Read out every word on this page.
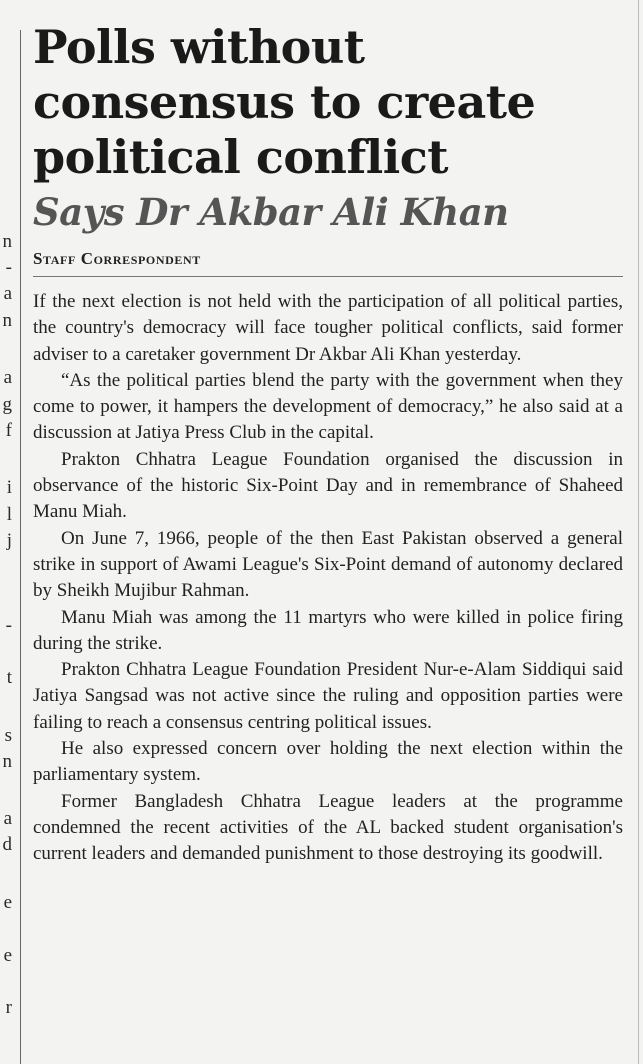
n
-
a
n
a
g
f
i
l
j
-
t
s
n
a
d
e
e
r
Polls without
consensus to create
political conflict
Says Dr Akbar Ali Khan
Staff Correspondent

If the next election is not held with the participation of all political parties, the country's democracy will face tougher political conflicts, said former adviser to a caretaker government Dr Akbar Ali Khan yesterday.

“As the political parties blend the party with the government when they come to power, it hampers the development of democracy,” he also said at a discussion at Jatiya Press Club in the capital.

Prakton Chhatra League Foundation organised the discussion in observance of the historic Six-Point Day and in remembrance of Shaheed Manu Miah.

On June 7, 1966, people of the then East Pakistan observed a general strike in support of Awami League's Six-Point demand of autonomy declared by Sheikh Mujibur Rahman.

Manu Miah was among the 11 martyrs who were killed in police firing during the strike.

Prakton Chhatra League Foundation President Nur-e-Alam Siddiqui said Jatiya Sangsad was not active since the ruling and opposition parties were failing to reach a consensus centring political issues.

He also expressed concern over holding the next election within the parliamentary system.

Former Bangladesh Chhatra League leaders at the programme condemned the recent activities of the AL backed student organisation's current leaders and demanded punishment to those destroying its goodwill.
